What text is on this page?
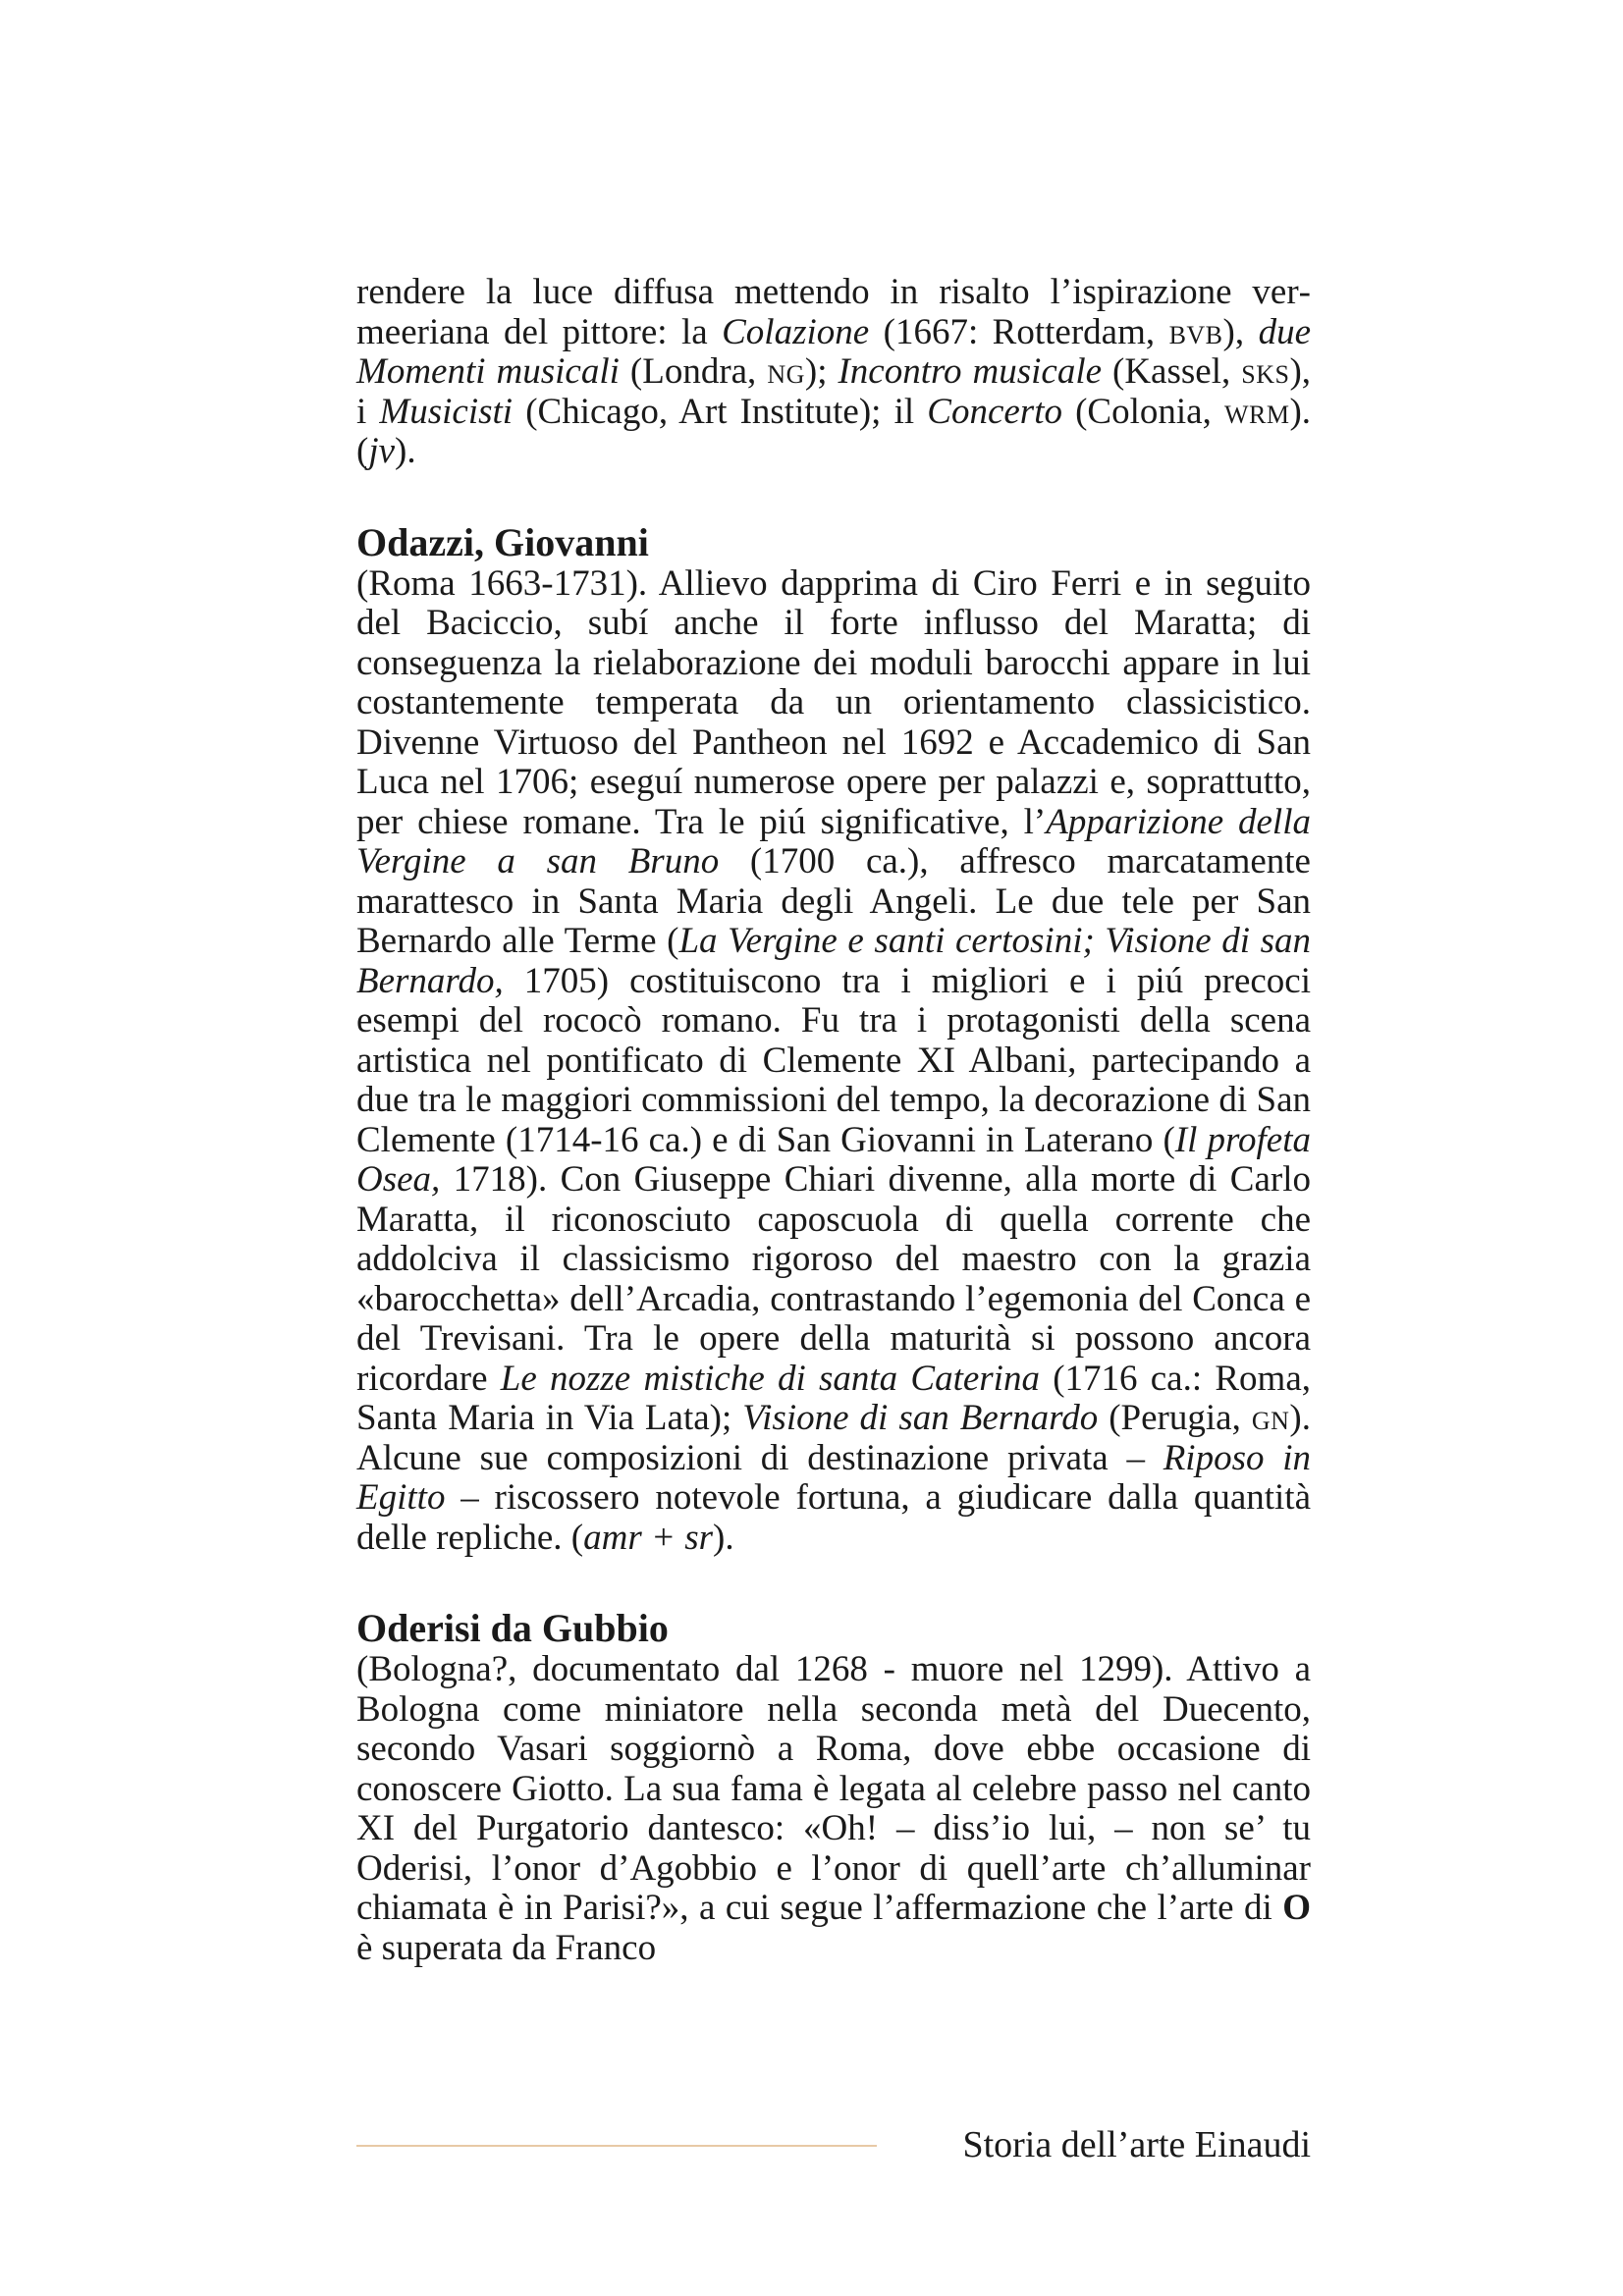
rendere la luce diffusa mettendo in risalto l’ispirazione vermeeriana del pittore: la Colazione (1667: Rotterdam, bvb), due Momenti musicali (Londra, ng); Incontro musicale (Kassel, sks), i Musicisti (Chicago, Art Institute); il Concerto (Colonia, wrm). (jv).

Odazzi, Giovanni

(Roma 1663-1731). Allievo dapprima di Ciro Ferri e in seguito del Baciccio, subí anche il forte influsso del Maratta; di conseguenza la rielaborazione dei moduli barocchi appare in lui costantemente temperata da un orientamento classicistico. Divenne Virtuoso del Pantheon nel 1692 e Accademico di San Luca nel 1706; eseguí numerose opere per palazzi e, soprattutto, per chiese romane. Tra le piú significative, l’Apparizione della Vergine a san Bruno (1700 ca.), affresco marcatamente marattesco in Santa Maria degli Angeli. Le due tele per San Bernardo alle Terme (La Vergine e santi certosini; Visione di san Bernardo, 1705) costituiscono tra i migliori e i piú precoci esempi del rococò romano. Fu tra i protagonisti della scena artistica nel pontificato di Clemente XI Albani, partecipando a due tra le maggiori commissioni del tempo, la decorazione di San Clemente (1714-16 ca.) e di San Giovanni in Laterano (Il profeta Osea, 1718). Con Giuseppe Chiari divenne, alla morte di Carlo Maratta, il riconosciuto caposcuola di quella corrente che addolciva il classicismo rigoroso del maestro con la grazia «barocchetta» dell’Arcadia, contrastando l’egemonia del Conca e del Trevisani. Tra le opere della maturità si possono ancora ricordare Le nozze mistiche di santa Caterina (1716 ca.: Roma, Santa Maria in Via Lata); Visione di san Bernardo (Perugia, gn). Alcune sue composizioni di destinazione privata – Riposo in Egitto – riscossero notevole fortuna, a giudicare dalla quantità delle repliche. (amr + sr).

Oderisi da Gubbio

(Bologna?, documentato dal 1268 - muore nel 1299). Attivo a Bologna come miniatore nella seconda metà del Duecento, secondo Vasari soggiornò a Roma, dove ebbe occasione di conoscere Giotto. La sua fama è legata al celebre passo nel canto XI del Purgatorio dantesco: «Oh! – diss’io lui, – non se’ tu Oderisi, l’onor d’Agobbio e l’onor di quell’arte ch’alluminar chiamata è in Parisi?», a cui segue l’affermazione che l’arte di O è superata da Franco

Storia dell’arte Einaudi
